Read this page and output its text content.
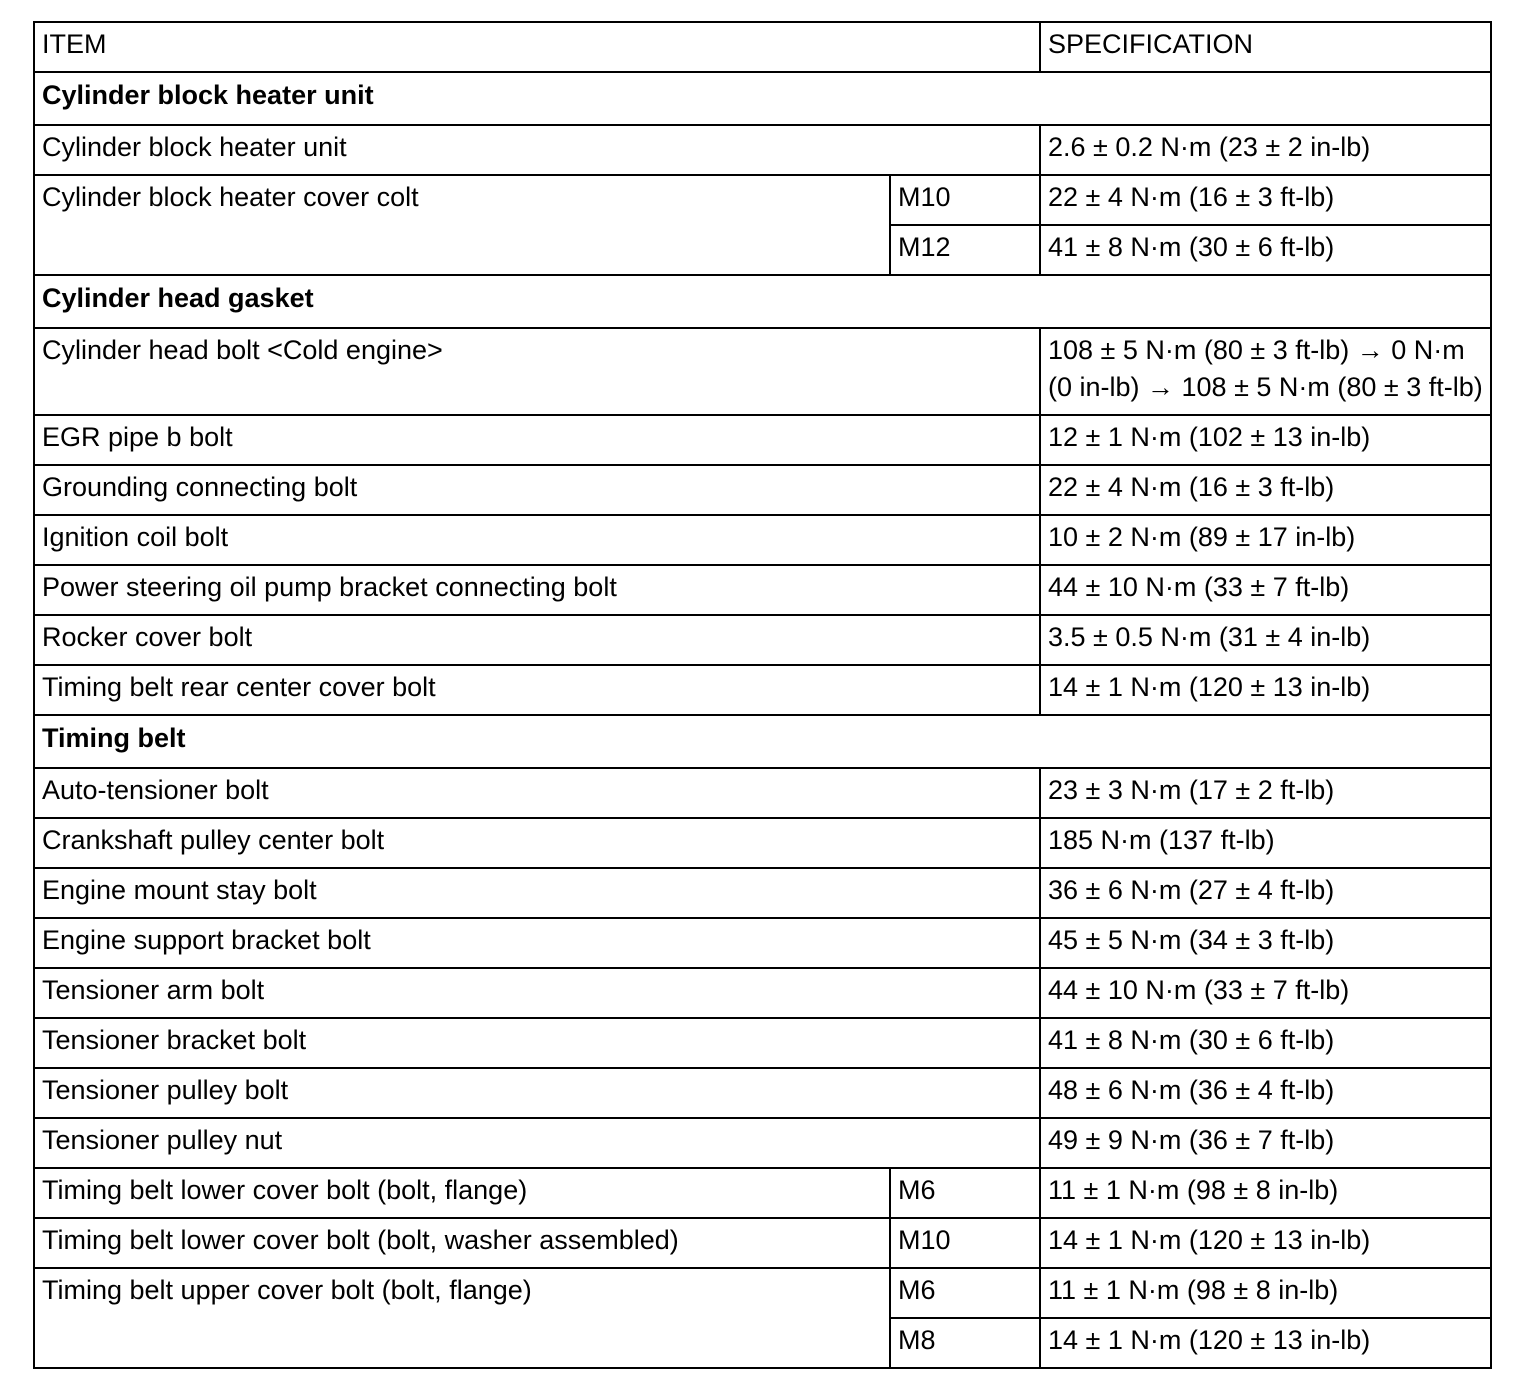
ITEM		SPECIFICATION
Cylinder block heater unit		
Cylinder block heater unit		2.6 ± 0.2 N·m (23 ± 2 in-lb)
Cylinder block heater cover colt	M10	22 ± 4 N·m (16 ± 3 ft-lb)
	M12	41 ± 8 N·m (30 ± 6 ft-lb)
Cylinder head gasket		
Cylinder head bolt <Cold engine>		108 ± 5 N·m (80 ± 3 ft-lb) → 0 N·m (0 in-lb) → 108 ± 5 N·m (80 ± 3 ft-lb)
EGR pipe b bolt		12 ± 1 N·m (102 ± 13 in-lb)
Grounding connecting bolt		22 ± 4 N·m (16 ± 3 ft-lb)
Ignition coil bolt		10 ± 2 N·m (89 ± 17 in-lb)
Power steering oil pump bracket connecting bolt		44 ± 10 N·m (33 ± 7 ft-lb)
Rocker cover bolt		3.5 ± 0.5 N·m (31 ± 4 in-lb)
Timing belt rear center cover bolt		14 ± 1 N·m (120 ± 13 in-lb)
Timing belt		
Auto-tensioner bolt		23 ± 3 N·m (17 ± 2 ft-lb)
Crankshaft pulley center bolt		185 N·m (137 ft-lb)
Engine mount stay bolt		36 ± 6 N·m (27 ± 4 ft-lb)
Engine support bracket bolt		45 ± 5 N·m (34 ± 3 ft-lb)
Tensioner arm bolt		44 ± 10 N·m (33 ± 7 ft-lb)
Tensioner bracket bolt		41 ± 8 N·m (30 ± 6 ft-lb)
Tensioner pulley bolt		48 ± 6 N·m (36 ± 4 ft-lb)
Tensioner pulley nut		49 ± 9 N·m (36 ± 7 ft-lb)
Timing belt lower cover bolt (bolt, flange)	M6	11 ± 1 N·m (98 ± 8 in-lb)
Timing belt lower cover bolt (bolt, washer assembled)	M10	14 ± 1 N·m (120 ± 13 in-lb)
Timing belt upper cover bolt (bolt, flange)	M6	11 ± 1 N·m (98 ± 8 in-lb)
	M8	14 ± 1 N·m (120 ± 13 in-lb)
